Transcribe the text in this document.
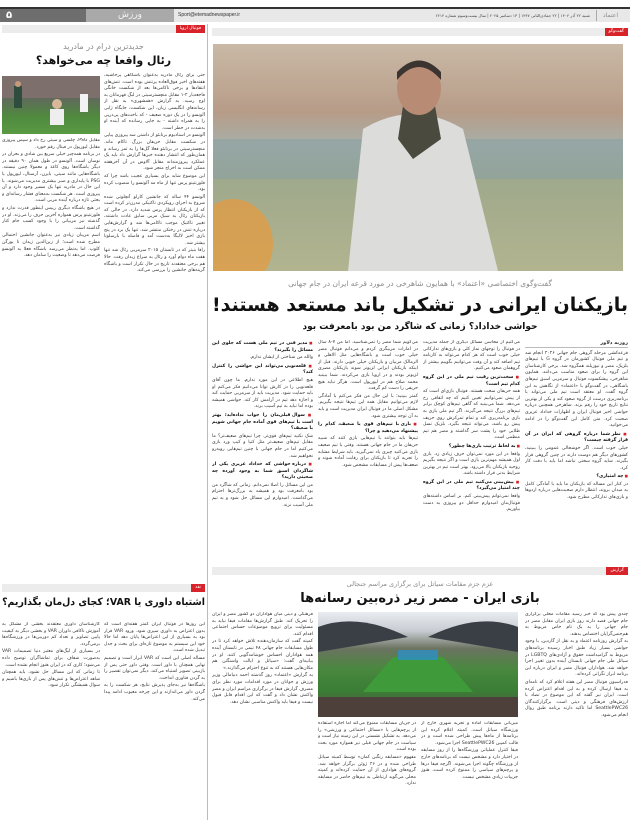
۵	ورزش	Sport@etemadnewspaper.ir	شنبه ۲۲ آذر ۱۴۰۴ | ۲۲ جمادی‌الثانی ۱۴۴۷ | ۱۳ دسامبر ۲۰۲۵ | سال بیست‌وسوم شماره ۶۲۱۴	اعتماد
فوتبال اروپا
جدیدترین درام در مادرید
رئال واقعا چه می‌خواهد؟

حتی برای رئال مادرید به‌عنوان باشگاهی پرحاشیه، هفته‌های اخیر فوق‌العاده پرتنش بوده است. تنش‌های انتقادها و برخی ناکامی‌ها بعد از شکست خانگی فاجعه‌بار ۲-۱ مقابل منچسترسیتی در لیگ قهرمانان به اوج رسید. به گزارش «همشهری» به نقل از رسانه‌های انگلیسی زبان، این شکست، جایگاه ژابی آلونسو را در یک دوره ضعیف - که باخت‌های پی‌درپی را به همراه داشته - به جایی رسانده که آینده او به‌شدت در خطر است.

آلونسو در استادیوم برنابئو از داشتن سه پیروزی پیاپی در شکست مقابل حریفان بزرگ ناکام ماند. منچسترسیتی در برنابئو فعلا گل‌ها را به ثمر رساند و همان‌طور که انتشار دهنده خبرها گزارش داد باید یک عملکرد پیروزمندانه مقابل آلاوس در آن آخرهفته ممکن است به اخراج منجر شود.

این موضوع شاید برای بسیاری عجیب باشد چرا که فلورنتینو پرس تنها از ماه مه آلونسو را منصوب کرده بود.

آلونسو ۴۴ ساله که جانشین کارلو آنچلوتی شده شروع به اجرای رویکردی تاکتیکی مدرن‌تر کرده است که از بازیکنان انتظار پرس شدید دارد. در حالی که بازیکنان رئال به سبک مربی سابق عادت داشتند، تغییر تاکتیک موجب ناکامی‌ها شد و گزارش‌هایی درباره تنش در رختکن منتشر شد. تنها یک برد در پنج بازی اخیر لالیگا به‌دست آمد و فاصله با بارسلونا بیشتر شد.

رافا بنیتز که در تابستان ۲۰۱۵ سرمربی رئال شد تنها هفت ماه دوام آورد و رئال به سراغ زیدان رفت. حالا هم برخی معتقدند تاریخ در حال تکرار است و باشگاه گزینه‌های جانشین را بررسی می‌کند.

مقابل PSG، چلسی و سیتی رخ داد و سپس پیروزی مقابل لیورپول در فینال رقم خورد.

در برنامه همه‌چیز خیلی سریع بین شادی و بحران در نوسان است. آلونسو در طول همان ۹۰ دقیقه در دیگر باشگاه‌ها روی کاغذ و معمولا چنین نیستند. باشگاه‌هایی مانند سیتی، بایرن، آرسنال، لیورپول یا PSG با پایداری و صبر بیشتری مدیریت می‌شوند. با این حال در مادرید تنها یک مسیر وجود دارد و آن پیروزی است. هر شکست به‌معنای فشار رسانه‌ای و بحثی تازه درباره آینده مربی است.

در هیچ باشگاه دیگری رییس اینطور قدرت ندارد و فلورنتینو پرس همواره آخرین حرف را می‌زند. او در گذشته نیز مربیانی را با وجود کسب جام کنار گذاشته است.

اسم مربیان زیادی نیز به‌عنوان جانشین احتمالی مطرح شده است؛ از زین‌الدین زیدان تا یورگن کلوپ. اما به‌نظر می‌رسد باشگاه فعلا به آلونسو فرصت می‌دهد تا وضعیت را سامان دهد.

نقد
اشتباه داوری یا VAR؛ کجای دل‌مان بگذاریم؟

این روزها در فوتبال ایران کمتر هفته‌ای است که بدون اعتراض به داوری سپری شود. ورود VAR قرار بود به بسیاری از این اعتراض‌ها پایان دهد اما حالا خود این سیستم به موضوع تازه‌ای برای بحث و جدل تبدیل شده است.

مساله اصلی این است که VAR ابزار است و تصمیم نهایی همچنان با داور است. وقتی داور حتی پس از بازبینی تصویر اشتباه می‌کند، دیگر نمی‌توان تقصیر را به گردن فناوری انداخت.

باشگاه‌ها نیز به‌جای پذیرش نتایج، هر شکست را به گردن داور می‌اندازند و این چرخه معیوب ادامه پیدا می‌کند.

کارشناسان داوری معتقدند بخشی از مشکل به آموزش ناکافی داوران VAR و بخشی دیگر به کیفیت پایین تصاویر و تعداد کم دوربین‌ها در ورزشگاه‌ها برمی‌گردد.

در بسیاری از لیگ‌های معتبر دنیا تصمیمات VAR به‌صورت شفاف برای تماشاگران توضیح داده می‌شود؛ کاری که در ایران هنوز انجام نشده است.

تا زمانی که این مسائل حل نشود، باید همچنان شاهد اعتراض‌ها و تنش‌های پس از بازی‌ها باشیم و سوال همیشگی تکرار شود.

گفت‌وگو
گفت‌وگوی اختصاصی «اعتماد» با همایون شاهرخی در مورد قرعه ایران در جام جهانی
بازیکنان ایرانی در تشکیل باند مستعد هستند!
حواشی خداداد؟ زمانی که شاگرد من بود بامعرفت بود

روزبه دلاور

قرعه‌کشی مرحله گروهی جام جهانی ۲۰۲۶ انجام شد و تیم ملی فوتبال کشورمان در گروه G با تیم‌های بلژیک، مصر و نیوزیلند همگروه شد. برخی کارشناسان این گروه را برای صعود مناسب می‌دانند. همایون شاهرخی، پیشکسوت فوتبال و سرمربی اسبق تیم‌های باشگاهی، در گفت‌وگو با «اعتماد» از نگاهش به این گروه گفت. او معتقد است تیم ملی می‌تواند با برنامه‌ریزی درست از گروه صعود کند و یکی از بهترین نتایج تاریخ خود را رقم بزند. شاهرخی همچنین درباره حواشی اخیر فوتبال ایران و اظهارات خداداد عزیزی صحبت کرد. متن کامل این گفت‌وگو را در ادامه می‌خوانید.

■ نظر شما درباره گروهی که ایران در آن قرار گرفته چیست؟

خیلی خوب است. اگر خوشحالی عمومی را ببینید، کشورهای دیگر هم دوست دارند در چنین گروهی قرار بگیرند. شاید گروه سختی نباشد اما باید با دقت کار کرد.

■ چه امتیازی؟

در کنار این مساله که بازیکنان ما باید با آمادگی کامل به میدان بروند، انتظار دارم صحبت‌هایی درباره اردوها و بازی‌های تدارکاتی مطرح شود.

می‌کنیم از محاسن مسائل دیگری از جمله مدیریت در فوتبال را توجهای نماز کلی و بازی‌های تدارکاتی خیلی خوب است که هر کدام می‌تواند به کارنامه تیم اضافه کند و آن وقت می‌توانیم بگوییم بیشتر از گروهمان صعود می‌کنیم.

■ سخت‌ترین رقیب تیم ملی در این گروه کدام تیم است؟

همه حریفان سخت هستند. فوتبال بازی‌ای است که از پیش نمی‌توانیم تعیین کنیم که چه اتفاقی رخ می‌دهد. شما می‌بینید که گاهی تیم‌های کوچک برابر تیم‌های بزرگ نتیجه می‌گیرند. اگر تیم ملی بازی به بازی برنامه‌ریزی کند و تمام تمرکزش روی حریف پیش رو باشد، می‌تواند نتیجه بگیرد. بلژیک نسل طلایی خود را پشت سر گذاشته و مصر هم تیم منظمی است.

■ به لحاظ ترتیب بازی‌ها چطور؟

واقعا در این مورد نمی‌توان حرف زیادی زد. بازی اول همیشه مهم‌ترین بازی است و اگر نتیجه بگیریم روحیه بازیکنان بالا می‌رود. بهتر است تیم در بهترین شرایط بدنی قرار داشته باشد.

■ پیش‌بینی می‌کنید تیم ملی در این گروه چند امتیاز می‌گیرد؟

واقعا نمی‌توانم پیش‌بینی کنم. بر اساس داشته‌های فوتبال‌مان امیدوارم حداقل دو پیروزی به دست بیاوریم.

می‌گویم شما مصر را نمی‌شناسید. اما من ۷-۸ سال در امارات مربیگری کردم و می‌دانم فوتبال مصر خیلی خوب است و باشگاه‌هایی مثل الاهلی و الزمالک مربیان و بازیکنان خیلی خوبی دارند. قبل از اینکه بازیکنان ایرانی لژیونر شوند بازیکنان مصری لژیونر بودند و در اروپا بازی می‌کردند. شما ببینید محمد صلاح هم در لیورپول است. هرگز نباید هیچ حریفی را دست کم گرفت.

کمتر ببینید؛ با این حال من فکر می‌کنم با آمادگی لازم می‌توانیم مقابل همه این تیم‌ها نتیجه بگیریم. مشکل اصلی ما در فوتبال ایران مدیریت است و باید به آن توجه بیشتری شود.

■ بازی با تیم‌های قوی یا ضعیف، کدام را پیشنهاد می‌دهید و چرا؟

تیم‌ها باید بتوانند با تیم‌هایی بازی کنند که شبیه حریفان ما در جام جهانی هستند. وقتی با تیم ضعیف بازی می‌کنید چیزی یاد نمی‌گیرید. باید شرایط مشابه را تجربه کرد تا بازیکنان برای رقابت آماده شوند و ضعف‌ها پیش از مسابقات مشخص شود.

■ مدیر فنی در تیم ملی هست که جلوی این مسائل را بگیرند؟

والله من شناختی از ایشان ندارم.

■ قلعه‌نویی می‌تواند این حواشی را کنترل کند؟

هیچ اطلاعی در این مورد ندارم. ما چون آقای قلعه‌نویی را در کارش توانا می‌دانیم فکر می‌کنم او باید حمایت شود. مدیریت باید از سرمربی حمایت کند و اجازه دهد تیم در آرامش کار کند. حواشی همیشه بوده اما نباید به تیم آسیب بزند.

■ سوال قبلی‌مان را جواب نداده‌اید؛ بهتر است با تیم‌های قوی آماده جام جهانی شویم یا ضعیف؟

شک نکنید تیم‌های قوی‌تر. چرا تیم‌های ضعیف‌تر؟ ما مقابل تیم‌های ضعیف‌تر مثل کنیا و کیپ ورد بازی می‌کنیم اما در جام جهانی با چنین تیم‌هایی روبه‌رو نخواهیم شد.

■ درباره حواشی که خداداد عزیزی یکی از شاگردان اسبق شما به وجود آورده چه صحبتی دارید؟

من این مسائل را اصلا نمی‌دانم. زمانی که شاگرد من بود بامعرفت بود و همیشه به بزرگ‌ترها احترام می‌گذاشت. امیدوارم این مسائل حل شود و به تیم ملی آسیب نزند.

گزارش
عزم جزم مقامات سیاتل برای برگزاری مراسم جنجالی
بازی ایران - مصر زیر ذره‌بین رسانه‌ها

چندی پیش بود که خبر رسید مقامات محلی برگزاری جام جهانی قصد دارند روز بازی ایران مقابل مصر در جام جهانی را به یک نام خاص مربوط به هم‌جنس‌گرایان اختصاص بدهند.

به گزارش روزنامه اعتماد و به نقل از گاردین، با وجود حواشی بسیار زیاد طبق اخبار رسیده برنامه‌های مربوط به گرامیداشت حقوق و آزادی‌های LGBTQ در سیاتل طی جام جهانی تابستان آینده بدون تغییر اجرا خواهد شد. هواداران فوتبال مصر و ایران درباره این برنامه ابراز نگرانی کرده‌اند.

فدراسیون فوتبال مصر این هفته اعلام کرد که نامه‌ای به فیفا ارسال کرده و به این اقدام اعتراض کرده است. ایران نیز گفته که این موضوع در تضاد با ارزش‌های فرهنگی و دینی است. برگزارکنندگان SeattlePWC26 اما تاکید دارند برنامه طبق روال انجام می‌شود.

فرهنگی و دینی میان هواداران دو کشور مصر و ایران را تحریک کند. طبق گزارش‌ها مقامات فیفا نباید به مسئولیت برای ترویج موضوعات حساس اجتماعی اقدام کنند.

کمیته گفت که سازمان‌دهنده تلاش خواهد کرد تا در طول مسابقات جام جهانی ۴۸ تیمی در تابستان آینده همه هواداران احساس خوشامدگویی کنند. او در بیانیه‌ای گفت: «سیاتل و ایالت واشنگتن هم مکان‌هایی هستند که به تنوع احترام می‌گذارند.»

به گزارش «اعتماد» روز گذشته احمد دنیامالی وزیر ورزش و جوانان در مورد اقدامات مورد نظر برای مصرف گزارش فیفا در برگزاری مراسم ایران و مصر واکنش نشان داد و گفت که این اقدام قابل قبول نیست و فیفا باید واکنش مناسبی نشان دهد.

در جریان مسابقات ممنوع می‌کند اما اجازه استفاده از پرچم‌هایی با «مسائل اجتماعی و ورزشی» را می‌دهد. به تشکیل نشستی در این زمینه نیاز است و سیاست در جام جهانی قبلی نیز همواره مورد بحث بوده است.

مفهوم «مسابقه رنگین کمان» توسط کمیته سیاتل طراحی شده و در ۲۶ ژوئن برگزار خواهد شد. گروه‌های هواداری از آن حمایت کرده‌اند و کمیته محلی می‌گوید ارتباطی به تیم‌های حاضر در مسابقه ندارد.

میزبانی مسابقات آماده و تجربه شهری خارج از ورزشگاه سیاتل است. کمیته اعلام کرده این برنامه‌ها از ماه‌ها پیش طراحی شده است و در قالب کمپین SeattlePWC26 اجرا می‌شود.

فیفا کنترل عملیاتی ورزشگاه‌ها را از روز مسابقه در اختیار دارد و مشخص نیست که برنامه‌های خارج از ورزشگاه چگونه اجرا می‌شوند. اگرچه فیفا درها و پرچم‌های سیاسی را ممنوع کرده است، هنوز جزییات زیادی مشخص نیست.
